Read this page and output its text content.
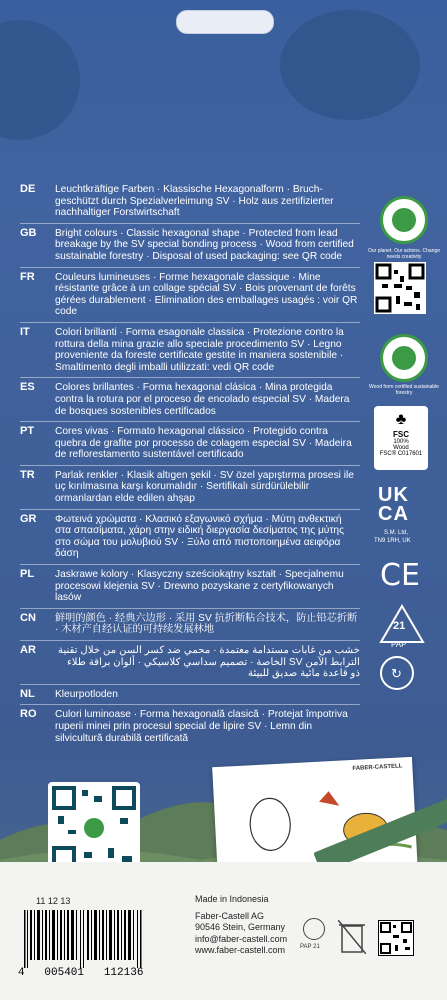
DE	Leuchtkräftige Farben · Klassische Hexagonalform · Bruch-geschützt durch Spezialverleimung SV · Holz aus zertifizierter nachhaltiger Forstwirtschaft
GB	Bright colours · Classic hexagonal shape · Protected from lead breakage by the SV special bonding process · Wood from certified sustainable forestry · Disposal of used packaging: see QR code
FR	Couleurs lumineuses · Forme hexagonale classique · Mine résistante grâce à un collage spécial SV · Bois provenant de forêts gérées durablement · Elimination des emballages usagés : voir QR code
IT	Colori brillanti · Forma esagonale classica · Protezione contro la rottura della mina grazie allo speciale procedimento SV · Legno proveniente da foreste certificate gestite in maniera sostenibile · Smaltimento degli imballi utilizzati: vedi QR code
ES	Colores brillantes · Forma hexagonal clásica · Mina protegida contra la rotura por el proceso de encolado especial SV · Madera de bosques sostenibles certificados
PT	Cores vivas · Formato hexagonal clássico · Protegido contra quebra de grafite por processo de colagem especial SV · Madeira de reflorestamento sustentável certificado
TR	Parlak renkler · Klasik altıgen şekil · SV özel yapıştırma prosesi ile uç kırılmasına karşı korumalıdır · Sertifikalı sürdürülebilir ormanlardan elde edilen ahşap
GR	Φωτεινά χρώματα · Κλασικό εξαγωνικό σχήμα · Μύτη ανθεκτική στα σπασίματα, χάρη στην ειδική διεργασία δεσίματος της μύτης στο σώμα του μολυβιού SV · Ξύλο από πιστοποιημένα αειφόρα δάση
PL	Jaskrawe kolory · Klasyczny sześciokątny kształt · Specjalnemu procesowi klejenia SV · Drewno pozyskane z certyfikowanych lasów
CN	鲜明的颜色 · 经典六边形 · 采用 SV 抗折断粘合技术，防止铅芯折断 · 木材产自经认证的可持续发展林地
AR	خشب من غابات مستدامة معتمدة · محمي ضد كسر السن من خلال تقنية الترابط الآمن SV الخاصة · تصميم سداسي كلاسيكي · ألوان براقة طلاء ذو قاعدة مائية صديق للبيئة
NL	Kleurpotloden
RO	Culori luminoase · Forma hexagonală clasică · Protejat împotriva ruperii minei prin procesul special de lipire SV · Lemn din silvicultură durabilă certificată
Our planet. Our actions. Change needs creativity
Wood from certified sustainable forestry
♣
FSC
100%
Wood
FSC® C017601
UK CA
S.M. Ltd,
TN9 1RH, UK
CE
21
PAP
↻
FABER-CASTELL
11 12 13
4   005401   112136
Made in Indonesia
Faber-Castell AG
90546 Stein, Germany
info@faber-castell.com
www.faber-castell.com	PAP 21
